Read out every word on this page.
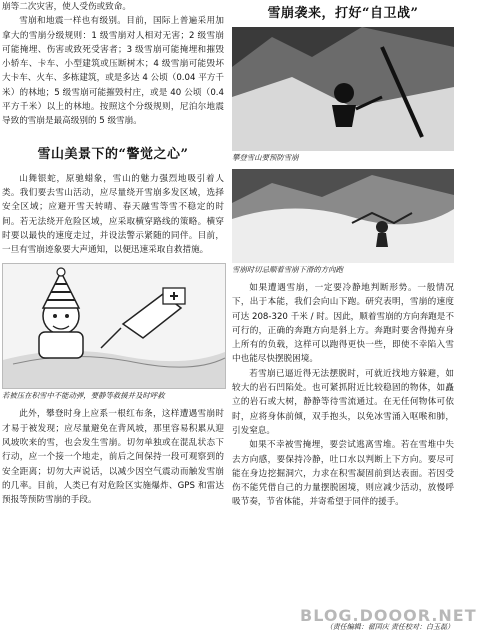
崩等二次灾害，使人受伤或致命。

雪崩和地震一样也有级别。目前，国际上普遍采用加拿大的雪崩分级规则：1 级雪崩对人相对无害；2 级雪崩可能掩埋、伤害或致死受害者；3 级雪崩可能掩埋和摧毁小轿车、卡车、小型建筑或压断树木；4 级雪崩可能毁坏大卡车、火车、多栋建筑，或是多达 4 公顷（0.04 平方千米）的林地；5 级雪崩可能摧毁村庄，或是 40 公顷（0.4 平方千米）以上的林地。按照这个分级规则，尼泊尔地震导致的雪崩是最高级别的 5 级雪崩。

雪山美景下的“警觉之心”

山舞银蛇，原驰蜡象，雪山的魅力强烈地吸引着人类。我们要去雪山活动，应尽量绕开雪崩多发区域，选择安全区域；应避开雪天转晴、春天融雪等雪不稳定的时间。若无法绕开危险区域，应采取横穿路线的策略。横穿时要以最快的速度走过，并设法警示紧随的同伴。目前，一旦有雪崩迹象要大声通知，以便迅速采取自救措施。

若被压在积雪中不能动弹，要静等救援并及时呼救

此外，攀登时身上应系一根红布条，这样遭遇雪崩时才易于被发现；应尽量避免在背风坡，那里容易积累从迎风坡吹来的雪，也会发生雪崩。切勿单独或在混乱状态下行动，应一个接一个地走，前后之间保持一段可观察到的安全距离；切勿大声说话，以减少因空气震动而触发雪崩的几率。目前，人类已有对危险区实施爆炸、GPS 和雷达预报等预防雪崩的手段。

雪崩袭来，打好“自卫战”
攀登雪山要预防雪崩
雪崩时切忌顺着雪崩下滑的方向跑

如果遭遇雪崩，一定要冷静地判断形势。一般情况下，出于本能，我们会向山下跑。研究表明，雪崩的速度可达 208-320 千米 / 时。因此，顺着雪崩的方向奔跑是不可行的，正确的奔跑方向是斜上方。奔跑时要舍得抛弃身上所有的负载，这样可以跑得更快一些，即使不幸陷入雪中也能尽快摆脱困境。

若雪崩已逼近得无法摆脱时，可就近找地方躲避，如较大的岩石凹陷处。也可紧抓附近比较稳固的物体，如矗立的岩石或大树，静静等待雪流通过。在无任何物体可依时，应将身体前倾，双手抱头，以免冰雪涌入呕喉和肺，引发窒息。

如果不幸被雪掩埋，要尝试逃离雪堆。若在雪堆中失去方向感，要保持冷静，吐口水以判断上下方向。要尽可能在身边挖掘洞穴，力求在积雪凝固前到达表面。若因受伤不能凭借自己的力量摆脱困境，则应减少活动，放慢呼吸节奏，节省体能，并寄希望于同伴的援手。

（责任编辑：翟国庆 责任校对：白玉磊）
BLOG.DOOOR.NET
